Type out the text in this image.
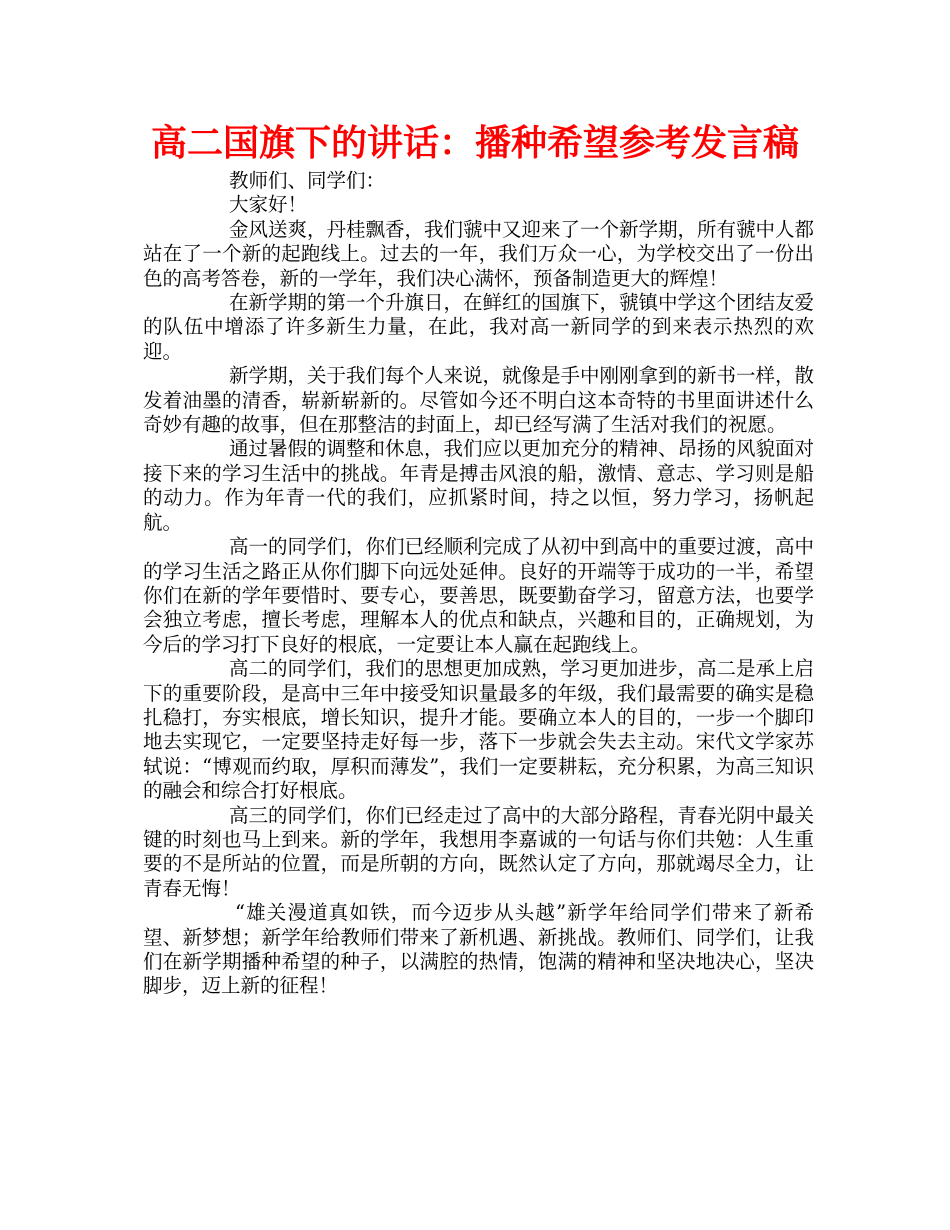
高二国旗下的讲话：播种希望参考发言稿

教师们、同学们：

大家好！

金风送爽，丹桂飘香，我们虢中又迎来了一个新学期，所有虢中人都站在了一个新的起跑线上。过去的一年，我们万众一心，为学校交出了一份出色的高考答卷，新的一学年，我们决心满怀，预备制造更大的辉煌！

在新学期的第一个升旗日，在鲜红的国旗下，虢镇中学这个团结友爱的队伍中增添了许多新生力量，在此，我对高一新同学的到来表示热烈的欢迎。

新学期，关于我们每个人来说，就像是手中刚刚拿到的新书一样，散发着油墨的清香，崭新崭新的。尽管如今还不明白这本奇特的书里面讲述什么奇妙有趣的故事，但在那整洁的封面上，却已经写满了生活对我们的祝愿。

通过暑假的调整和休息，我们应以更加充分的精神、昂扬的风貌面对接下来的学习生活中的挑战。年青是搏击风浪的船，激情、意志、学习则是船的动力。作为年青一代的我们，应抓紧时间，持之以恒，努力学习，扬帆起航。

高一的同学们，你们已经顺利完成了从初中到高中的重要过渡，高中的学习生活之路正从你们脚下向远处延伸。良好的开端等于成功的一半，希望你们在新的学年要惜时、要专心，要善思，既要勤奋学习，留意方法，也要学会独立考虑，擅长考虑，理解本人的优点和缺点，兴趣和目的，正确规划，为今后的学习打下良好的根底，一定要让本人赢在起跑线上。

高二的同学们，我们的思想更加成熟，学习更加进步，高二是承上启下的重要阶段，是高中三年中接受知识量最多的年级，我们最需要的确实是稳扎稳打，夯实根底，增长知识，提升才能。要确立本人的目的，一步一个脚印地去实现它，一定要坚持走好每一步，落下一步就会失去主动。宋代文学家苏轼说：“博观而约取，厚积而薄发”，我们一定要耕耘，充分积累，为高三知识的融会和综合打好根底。

高三的同学们，你们已经走过了高中的大部分路程，青春光阴中最关键的时刻也马上到来。新的学年，我想用李嘉诚的一句话与你们共勉：人生重要的不是所站的位置，而是所朝的方向，既然认定了方向，那就竭尽全力，让青春无悔！

“雄关漫道真如铁，而今迈步从头越”新学年给同学们带来了新希望、新梦想；新学年给教师们带来了新机遇、新挑战。教师们、同学们，让我们在新学期播种希望的种子，以满腔的热情，饱满的精神和坚决地决心，坚决脚步，迈上新的征程！
